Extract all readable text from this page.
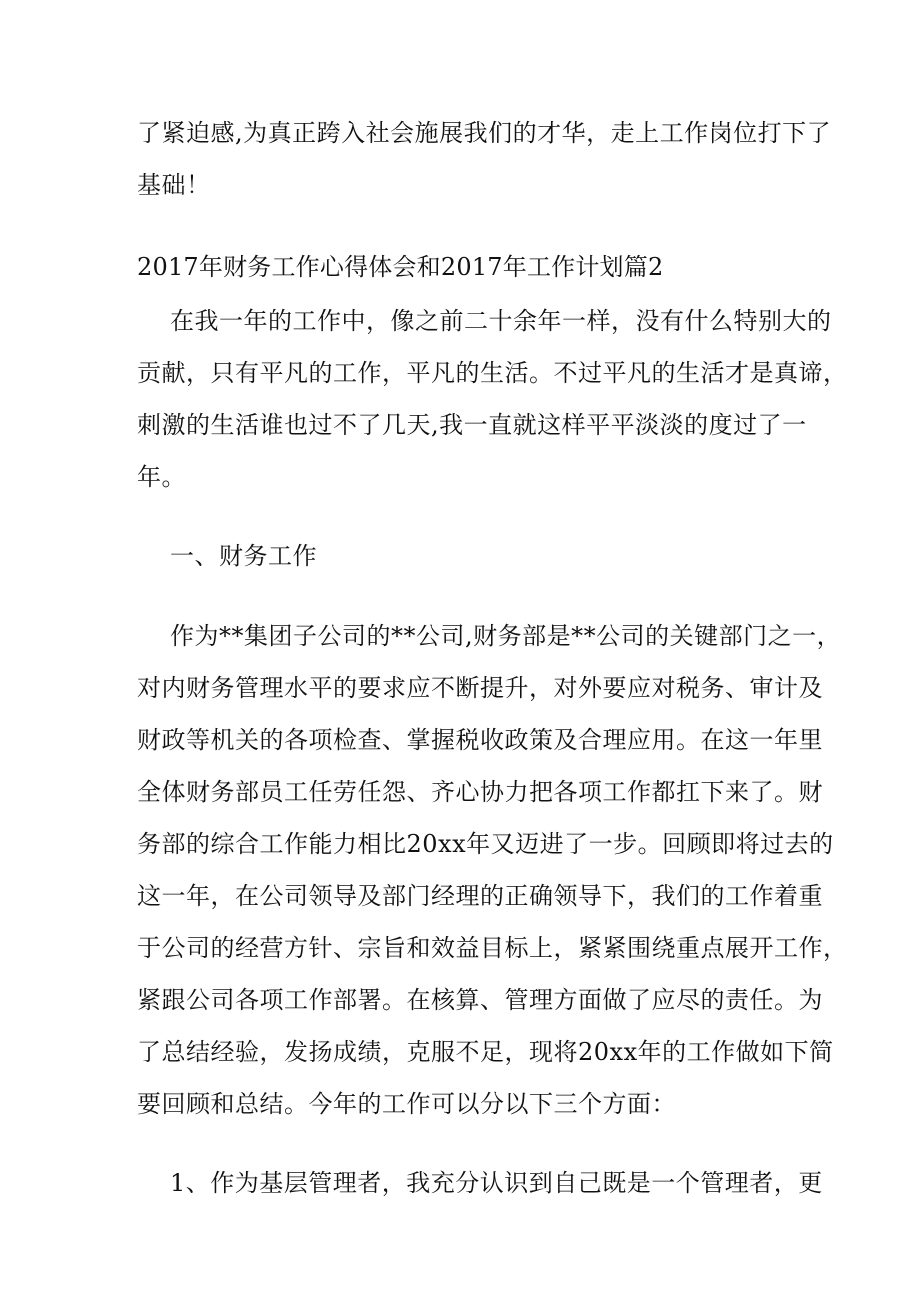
了紧迫感,为真正跨入社会施展我们的才华，走上工作岗位打下了
基础！
2017年财务工作心得体会和2017年工作计划篇2
在我一年的工作中，像之前二十余年一样，没有什么特别大的
贡献，只有平凡的工作，平凡的生活。不过平凡的生活才是真谛，
刺激的生活谁也过不了几天,我一直就这样平平淡淡的度过了一
年。
一、财务工作
作为**集团子公司的**公司,财务部是**公司的关键部门之一，
对内财务管理水平的要求应不断提升，对外要应对税务、审计及
财政等机关的各项检查、掌握税收政策及合理应用。在这一年里
全体财务部员工任劳任怨、齐心协力把各项工作都扛下来了。财
务部的综合工作能力相比20xx年又迈进了一步。回顾即将过去的
这一年，在公司领导及部门经理的正确领导下，我们的工作着重
于公司的经营方针、宗旨和效益目标上，紧紧围绕重点展开工作，
紧跟公司各项工作部署。在核算、管理方面做了应尽的责任。为
了总结经验，发扬成绩，克服不足，现将20xx年的工作做如下简
要回顾和总结。今年的工作可以分以下三个方面：
1、作为基层管理者，我充分认识到自己既是一个管理者，更
